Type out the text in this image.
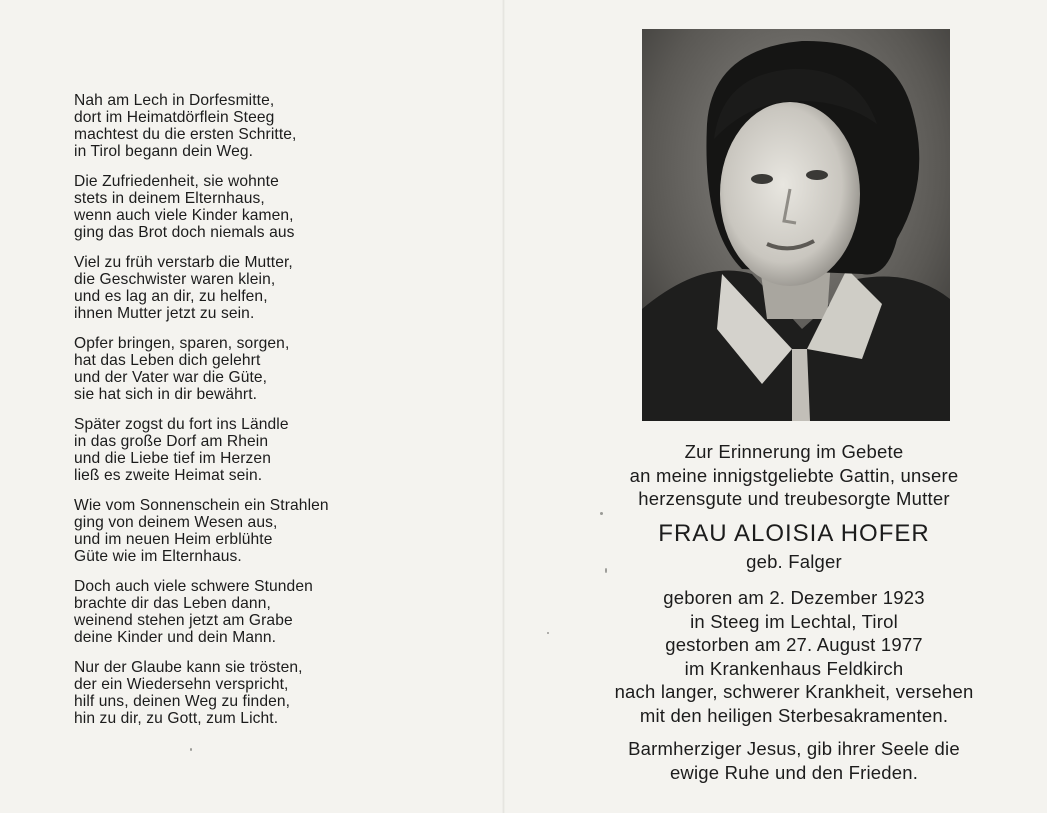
Nah am Lech in Dorfesmitte,
dort im Heimatdörflein Steeg
machtest du die ersten Schritte,
in Tirol begann dein Weg.
Die Zufriedenheit, sie wohnte
stets in deinem Elternhaus,
wenn auch viele Kinder kamen,
ging das Brot doch niemals aus
Viel zu früh verstarb die Mutter,
die Geschwister waren klein,
und es lag an dir, zu helfen,
ihnen Mutter jetzt zu sein.
Opfer bringen, sparen, sorgen,
hat das Leben dich gelehrt
und der Vater war die Güte,
sie hat sich in dir bewährt.
Später zogst du fort ins Ländle
in das große Dorf am Rhein
und die Liebe tief im Herzen
ließ es zweite Heimat sein.
Wie vom Sonnenschein ein Strahlen
ging von deinem Wesen aus,
und im neuen Heim erblühte
Güte wie im Elternhaus.
Doch auch viele schwere Stunden
brachte dir das Leben dann,
weinend stehen jetzt am Grabe
deine Kinder und dein Mann.
Nur der Glaube kann sie trösten,
der ein Wiedersehn verspricht,
hilf uns, deinen Weg zu finden,
hin zu dir, zu Gott, zum Licht.
Zur Erinnerung im Gebete
an meine innigstgeliebte Gattin, unsere
herzensgute und treubesorgte Mutter
FRAU ALOISIA HOFER
geb. Falger
geboren am 2. Dezember 1923
in Steeg im Lechtal, Tirol
gestorben am 27. August 1977
im Krankenhaus Feldkirch
nach langer, schwerer Krankheit, versehen
mit den heiligen Sterbesakramenten.
Barmherziger Jesus, gib ihrer Seele die
ewige Ruhe und den Frieden.
